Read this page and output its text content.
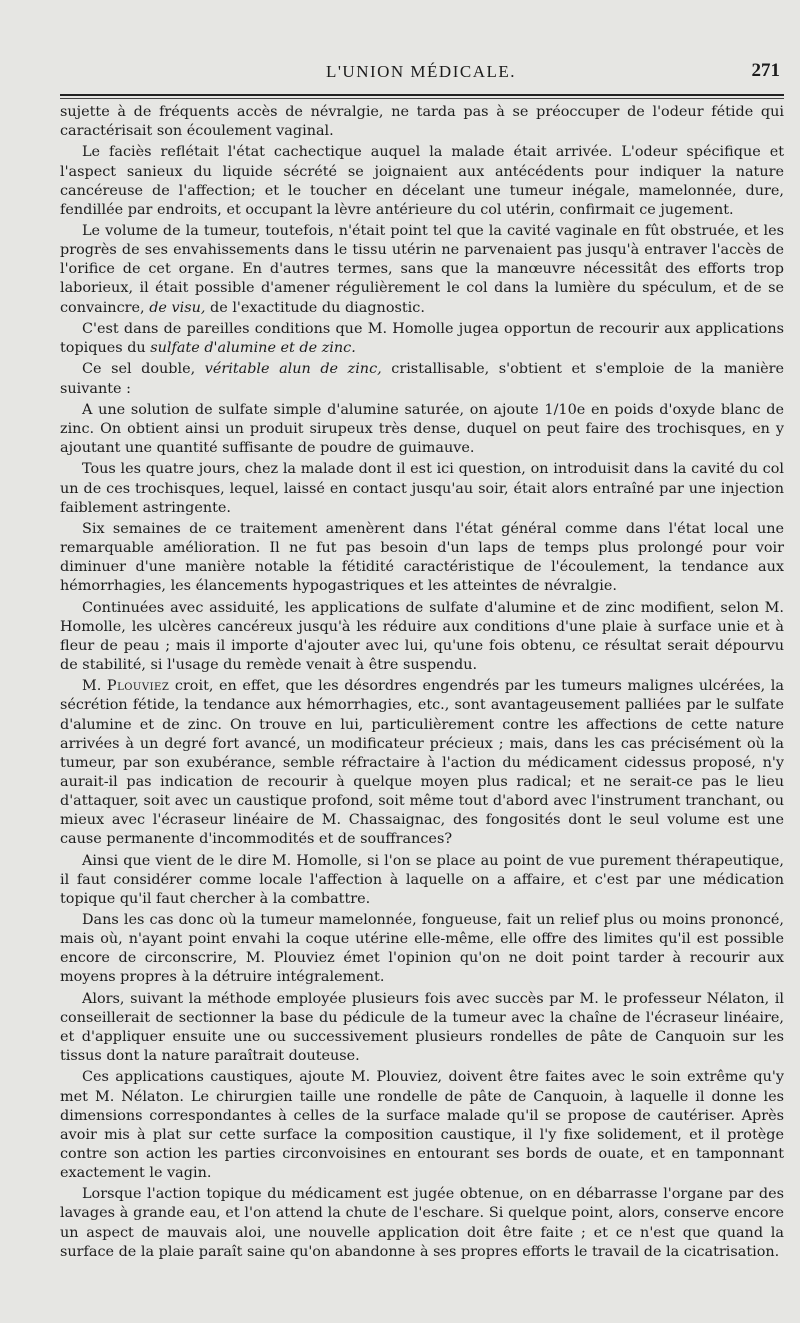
L'UNION MÉDICALE.	271

sujette à de fréquents accès de névralgie, ne tarda pas à se préoccuper de l'odeur fétide qui caractérisait son écoulement vaginal.

Le faciès reflétait l'état cachectique auquel la malade était arrivée. L'odeur spécifique et l'aspect sanieux du liquide sécrété se joignaient aux antécédents pour indiquer la nature cancéreuse de l'affection; et le toucher en décelant une tumeur inégale, mamelonnée, dure, fendillée par endroits, et occupant la lèvre antérieure du col utérin, confirmait ce jugement.

Le volume de la tumeur, toutefois, n'était point tel que la cavité vaginale en fût obstruée, et les progrès de ses envahissements dans le tissu utérin ne parvenaient pas jusqu'à entraver l'accès de l'orifice de cet organe. En d'autres termes, sans que la manœuvre nécessitât des efforts trop laborieux, il était possible d'amener régulièrement le col dans la lumière du spéculum, et de se convaincre, de visu, de l'exactitude du diagnostic.

C'est dans de pareilles conditions que M. Homolle jugea opportun de recourir aux applications topiques du sulfate d'alumine et de zinc.

Ce sel double, véritable alun de zinc, cristallisable, s'obtient et s'emploie de la manière suivante :

A une solution de sulfate simple d'alumine saturée, on ajoute 1/10e en poids d'oxyde blanc de zinc. On obtient ainsi un produit sirupeux très dense, duquel on peut faire des trochisques, en y ajoutant une quantité suffisante de poudre de guimauve.

Tous les quatre jours, chez la malade dont il est ici question, on introduisit dans la cavité du col un de ces trochisques, lequel, laissé en contact jusqu'au soir, était alors entraîné par une injection faiblement astringente.

Six semaines de ce traitement amenèrent dans l'état général comme dans l'état local une remarquable amélioration. Il ne fut pas besoin d'un laps de temps plus prolongé pour voir diminuer d'une manière notable la fétidité caractéristique de l'écoulement, la tendance aux hémorrhagies, les élancements hypogastriques et les atteintes de névralgie.

Continuées avec assiduité, les applications de sulfate d'alumine et de zinc modifient, selon M. Homolle, les ulcères cancéreux jusqu'à les réduire aux conditions d'une plaie à surface unie et à fleur de peau ; mais il importe d'ajouter avec lui, qu'une fois obtenu, ce résultat serait dépourvu de stabilité, si l'usage du remède venait à être suspendu.

M. Plouviez croit, en effet, que les désordres engendrés par les tumeurs malignes ulcérées, la sécrétion fétide, la tendance aux hémorrhagies, etc., sont avantageusement palliées par le sulfate d'alumine et de zinc. On trouve en lui, particulièrement contre les affections de cette nature arrivées à un degré fort avancé, un modificateur précieux ; mais, dans les cas précisément où la tumeur, par son exubérance, semble réfractaire à l'action du médicament cidessus proposé, n'y aurait-il pas indication de recourir à quelque moyen plus radical; et ne serait-ce pas le lieu d'attaquer, soit avec un caustique profond, soit même tout d'abord avec l'instrument tranchant, ou mieux avec l'écraseur linéaire de M. Chassaignac, des fongosités dont le seul volume est une cause permanente d'incommodités et de souffrances?

Ainsi que vient de le dire M. Homolle, si l'on se place au point de vue purement thérapeutique, il faut considérer comme locale l'affection à laquelle on a affaire, et c'est par une médication topique qu'il faut chercher à la combattre.

Dans les cas donc où la tumeur mamelonnée, fongueuse, fait un relief plus ou moins prononcé, mais où, n'ayant point envahi la coque utérine elle-même, elle offre des limites qu'il est possible encore de circonscrire, M. Plouviez émet l'opinion qu'on ne doit point tarder à recourir aux moyens propres à la détruire intégralement.

Alors, suivant la méthode employée plusieurs fois avec succès par M. le professeur Nélaton, il conseillerait de sectionner la base du pédicule de la tumeur avec la chaîne de l'écraseur linéaire, et d'appliquer ensuite une ou successivement plusieurs rondelles de pâte de Canquoin sur les tissus dont la nature paraîtrait douteuse.

Ces applications caustiques, ajoute M. Plouviez, doivent être faites avec le soin extrême qu'y met M. Nélaton. Le chirurgien taille une rondelle de pâte de Canquoin, à laquelle il donne les dimensions correspondantes à celles de la surface malade qu'il se propose de cautériser. Après avoir mis à plat sur cette surface la composition caustique, il l'y fixe solidement, et il protège contre son action les parties circonvoisines en entourant ses bords de ouate, et en tamponnant exactement le vagin.

Lorsque l'action topique du médicament est jugée obtenue, on en débarrasse l'organe par des lavages à grande eau, et l'on attend la chute de l'eschare. Si quelque point, alors, conserve encore un aspect de mauvais aloi, une nouvelle application doit être faite ; et ce n'est que quand la surface de la plaie paraît saine qu'on abandonne à ses propres efforts le travail de la cicatrisation.
